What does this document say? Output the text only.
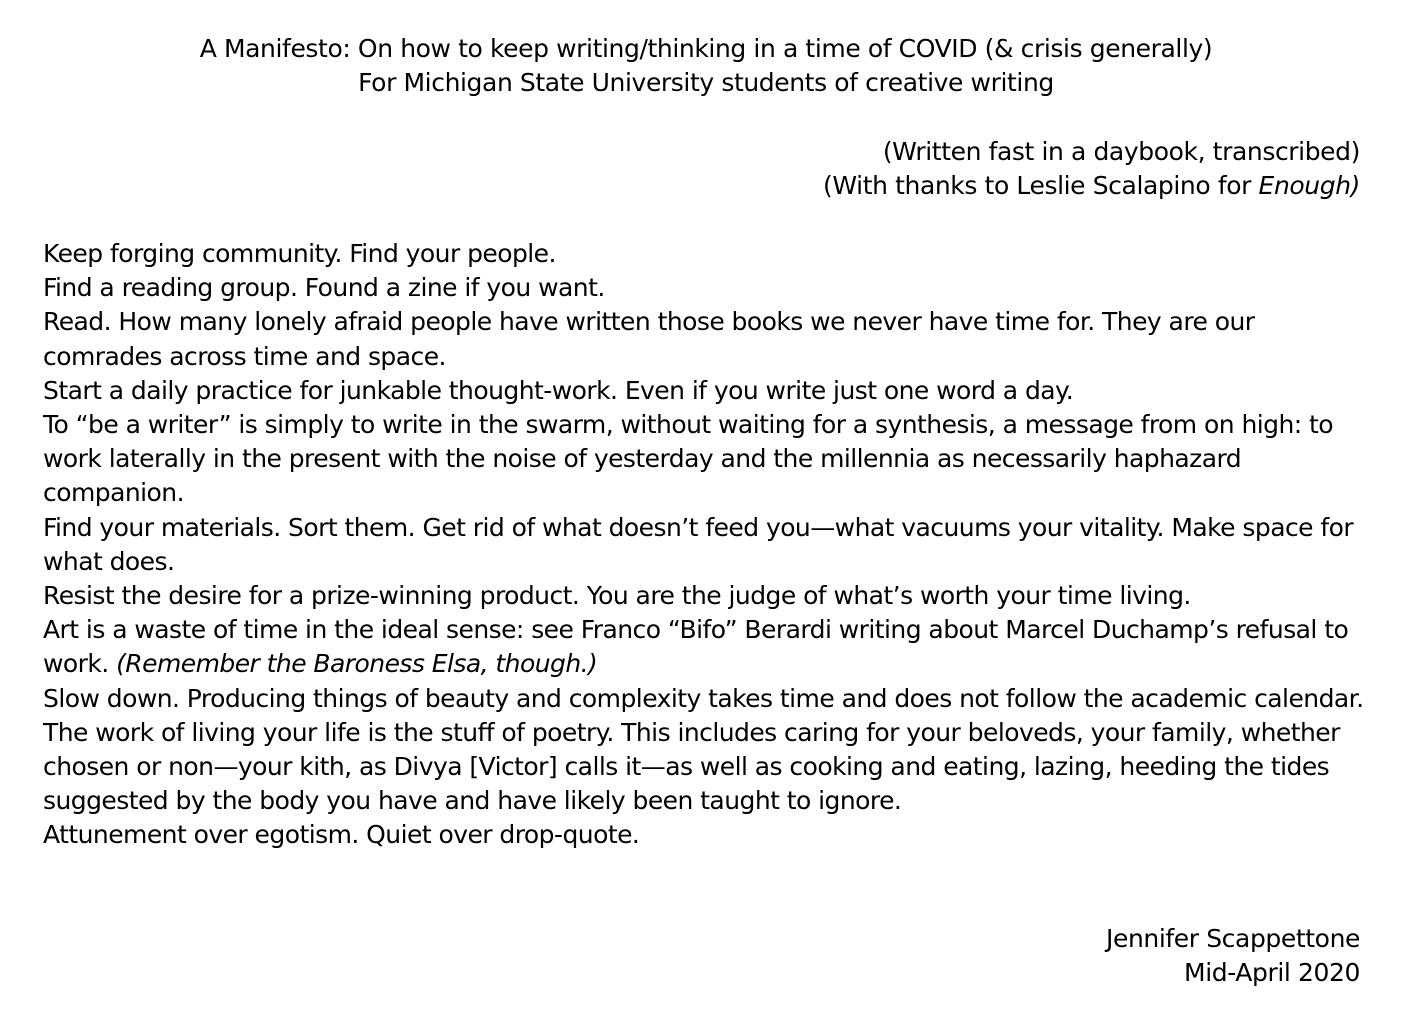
A Manifesto: On how to keep writing/thinking in a time of COVID (& crisis generally)
For Michigan State University students of creative writing
(Written fast in a daybook, transcribed)
(With thanks to Leslie Scalapino for Enough)

Keep forging community. Find your people.

Find a reading group. Found a zine if you want.

Read. How many lonely afraid people have written those books we never have time for. They are our comrades across time and space.

Start a daily practice for junkable thought-work. Even if you write just one word a day.

To “be a writer” is simply to write in the swarm, without waiting for a synthesis, a message from on high: to work laterally in the present with the noise of yesterday and the millennia as necessarily haphazard companion.

Find your materials. Sort them. Get rid of what doesn’t feed you—what vacuums your vitality. Make space for what does.

Resist the desire for a prize-winning product. You are the judge of what’s worth your time living.

Art is a waste of time in the ideal sense: see Franco “Bifo” Berardi writing about Marcel Duchamp’s refusal to work. (Remember the Baroness Elsa, though.)

Slow down. Producing things of beauty and complexity takes time and does not follow the academic calendar.

The work of living your life is the stuff of poetry. This includes caring for your beloveds, your family, whether chosen or non—your kith, as Divya [Victor] calls it—as well as cooking and eating, lazing, heeding the tides suggested by the body you have and have likely been taught to ignore.

Attunement over egotism. Quiet over drop-quote.

Jennifer Scappettone
Mid-April 2020
